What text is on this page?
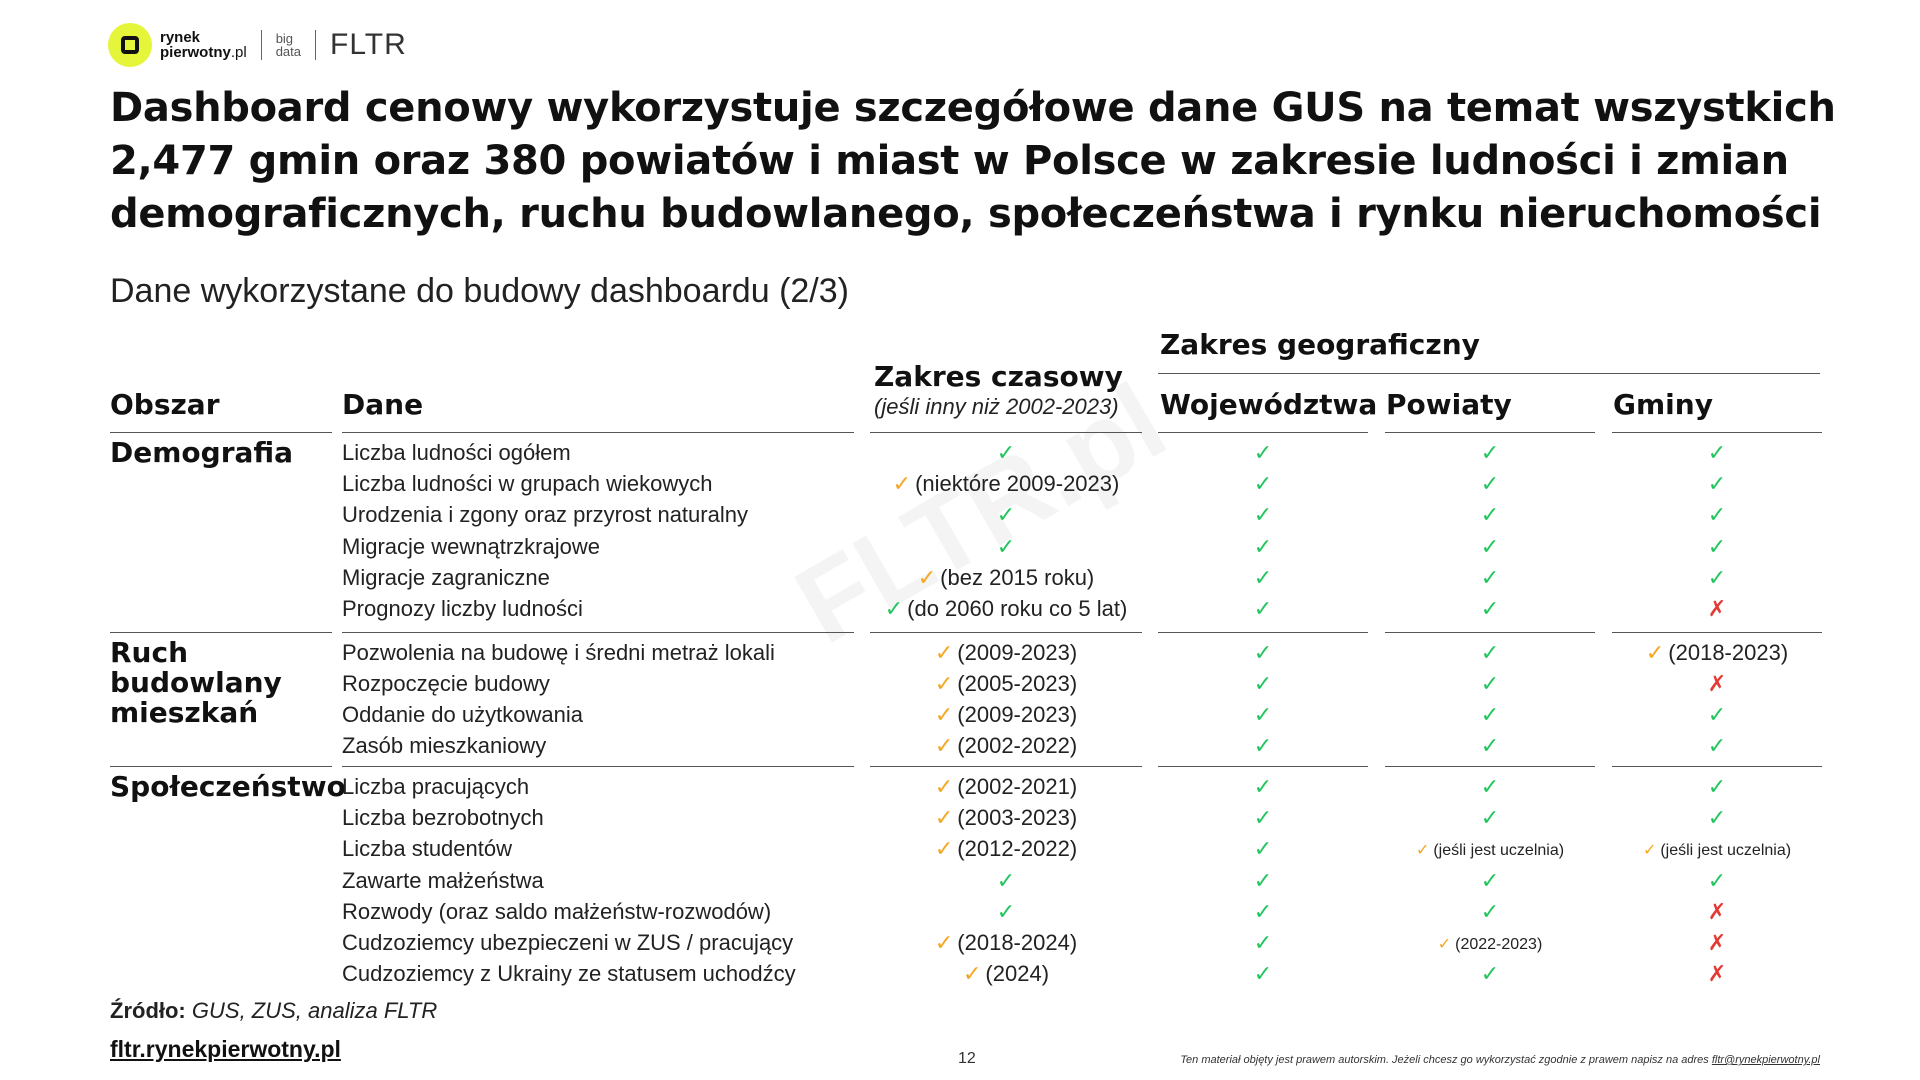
rynek
pierwotny.pl
big
data FLTR
Dashboard cenowy wykorzystuje szczegółowe dane GUS na temat wszystkich 2,477 gmin oraz 380 powiatów i miast w Polsce w zakresie ludności i zmian demograficznych, ruchu budowlanego, społeczeństwa i rynku nieruchomości
Dane wykorzystane do budowy dashboardu (2/3)
Obszar	Dane
Zakres czasowy
(jeśli inny niż 2002-2023)
Zakres geograficzny
Województwa Powiaty	Gminy
Demografia Liczba ludności ogółem	✓	✓	✓	✓
Liczba ludności w grupach wiekowych	✓ (niektóre 2009-2023)	✓	✓	✓
Urodzenia i zgony oraz przyrost naturalny	✓	✓	✓	✓
Migracje wewnątrzkrajowe	✓	✓	✓	✓
Migracje zagraniczne	✓ (bez 2015 roku)	✓	✓	✓
Prognozy liczby ludności	✓ (do 2060 roku co 5 lat)	✓	✓	✗
Ruch
budowlany
mieszkań
Pozwolenia na budowę i średni metraż lokali	✓ (2009-2023)	✓	✓	✓ (2018-2023)
Rozpoczęcie budowy	✓ (2005-2023)	✓	✓	✗
Oddanie do użytkowania	✓ (2009-2023)	✓	✓	✓
Zasób mieszkaniowy	✓ (2002-2022)	✓	✓	✓
Społeczeństwo
Liczba pracujących	✓ (2002-2021)	✓	✓	✓
Liczba bezrobotnych	✓ (2003-2023)	✓	✓	✓
Liczba studentów	✓ (2012-2022)	✓	✓ (jeśli jest uczelnia)	✓ (jeśli jest uczelnia)
Zawarte małżeństwa	✓	✓	✓	✓
Rozwody (oraz saldo małżeństw-rozwodów)	✓	✓	✓	✗
Cudzoziemcy ubezpieczeni w ZUS / pracujący	✓ (2018-2024)	✓	✓ (2022-2023)	✗
Cudzoziemcy z Ukrainy ze statusem uchodźcy	✓ (2024)	✓	✓	✗
Źródło: GUS, ZUS, analiza FLTR
fltr.rynekpierwotny.pl	12	Ten materiał objęty jest prawem autorskim. Jeżeli chcesz go wykorzystać zgodnie z prawem napisz na adres fltr@rynekpierwotny.pl
